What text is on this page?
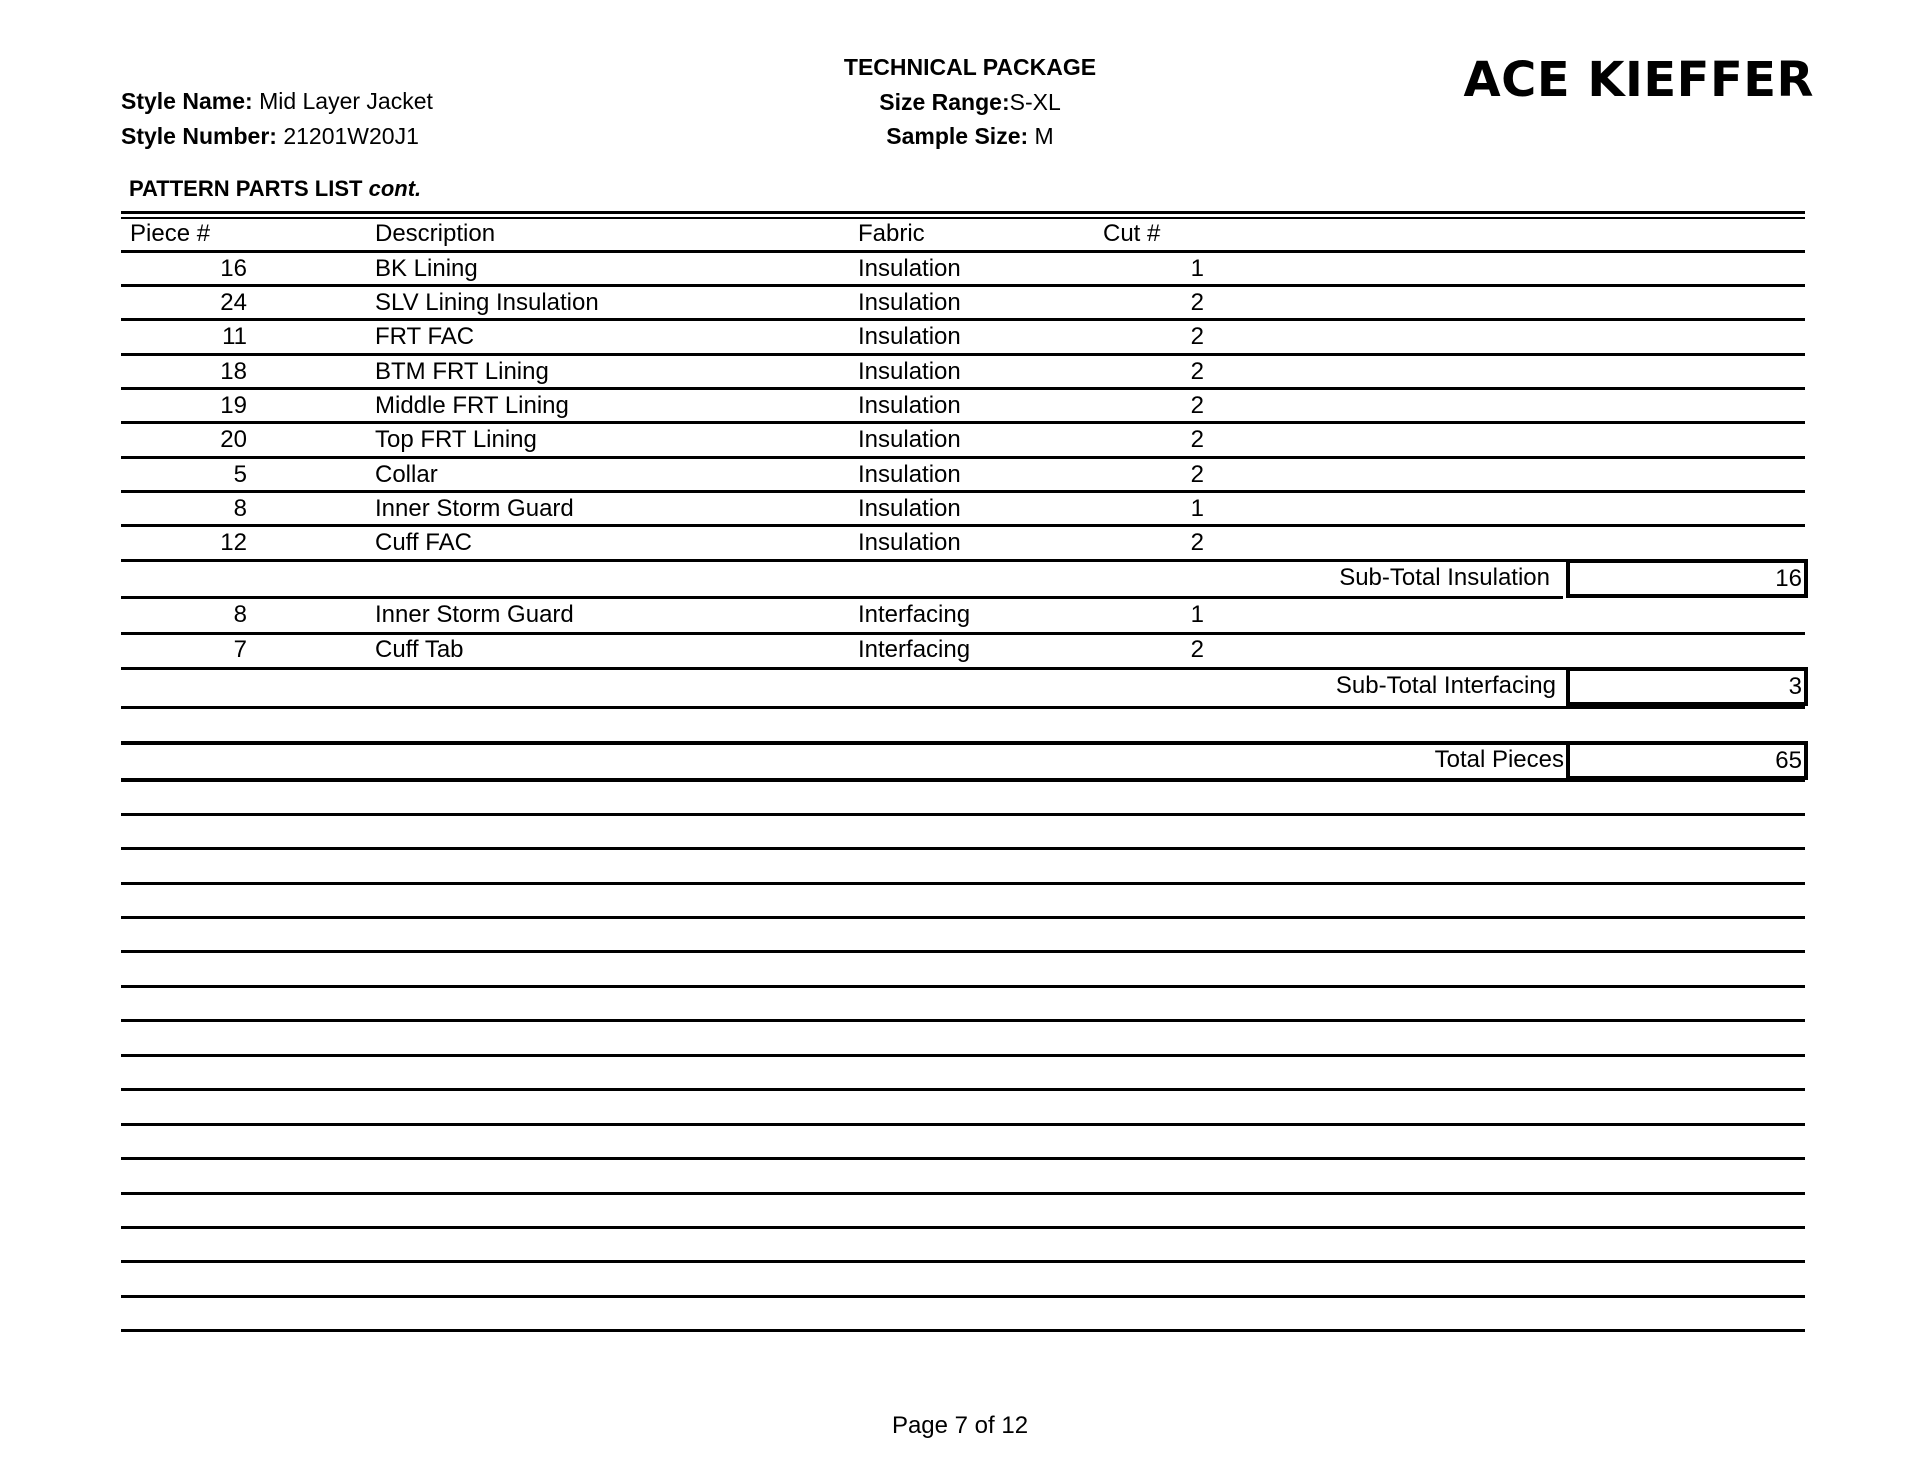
Style Name: Mid Layer Jacket
Style Number: 21201W20J1
TECHNICAL PACKAGE
Size Range:S-XL
Sample Size: M
ACE KIEFFER
PATTERN PARTS LIST cont.
Piece #	Description	Fabric	Cut #
16	BK Lining	Insulation	1
24	SLV Lining Insulation	Insulation	2
11	FRT FAC	Insulation	2
18	BTM FRT Lining	Insulation	2
19	Middle FRT Lining	Insulation	2
20	Top FRT Lining	Insulation	2
5	Collar	Insulation	2
8	Inner Storm Guard	Insulation	1
12	Cuff FAC	Insulation	2
Sub-Total Insulation	16
8	Inner Storm Guard	Interfacing	1
7	Cuff Tab	Interfacing	2
Sub-Total Interfacing	3
Total Pieces	65
Page 7 of 12
